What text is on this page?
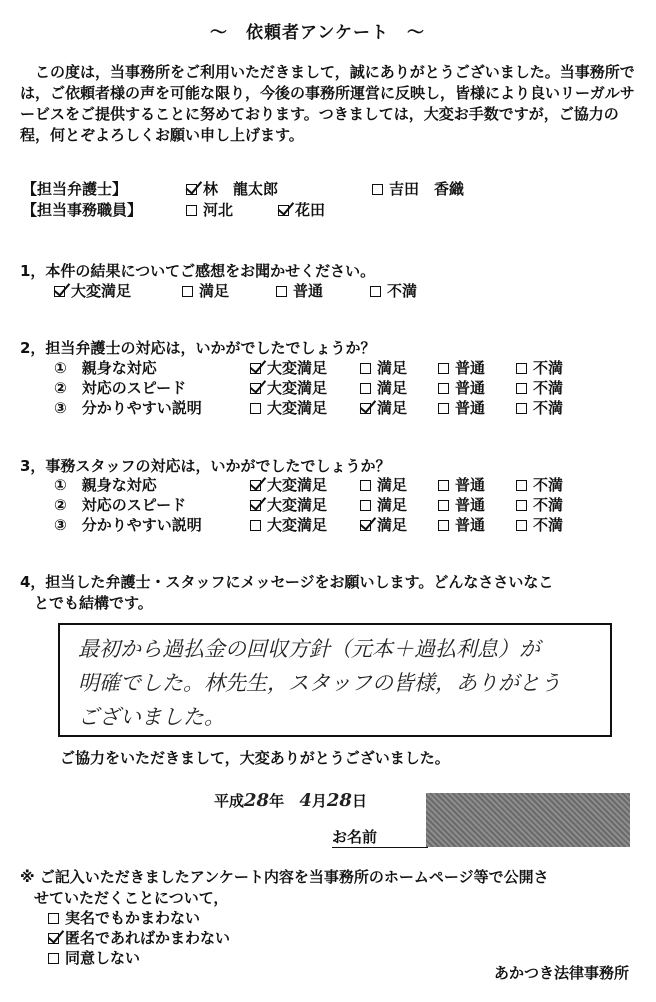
～　依頼者アンケート　～

　この度は，当事務所をご利用いただきまして，誠にありがとうございました。当事務所では，ご依頼者様の声を可能な限り，今後の事務所運営に反映し，皆様により良いリーガルサービスをご提供することに努めております。つきましては，大変お手数ですが，ご協力の程，何とぞよろしくお願い申し上げます。

【担当弁護士】	林　龍太郎	吉田　香織
【担当事務職員】	河北	花田
1，本件の結果についてご感想をお聞かせください。
大変満足	満足	普通	不満
2，担当弁護士の対応は，いかがでしたでしょうか？
①　親身な対応	大変満足	満足	普通	不満
②　対応のスピード	大変満足	満足	普通	不満
③　分かりやすい説明	大変満足	満足	普通	不満
3，事務スタッフの対応は，いかがでしたでしょうか？
①　親身な対応	大変満足	満足	普通	不満
②　対応のスピード	大変満足	満足	普通	不満
③　分かりやすい説明	大変満足	満足	普通	不満
4，担当した弁護士・スタッフにメッセージをお願いします。どんなささいなこ
とでも結構です。
最初から過払金の回収方針（元本＋過払利息）が
明確でした。林先生，スタッフの皆様，ありがとう
ございました。
ご協力をいただきまして，大変ありがとうございました。
平成28年 4月28日
お名前
※ ご記入いただきましたアンケート内容を当事務所のホームページ等で公開さ
せていただくことについて，
実名でもかまわない
匿名であればかまわない
同意しない
あかつき法律事務所
